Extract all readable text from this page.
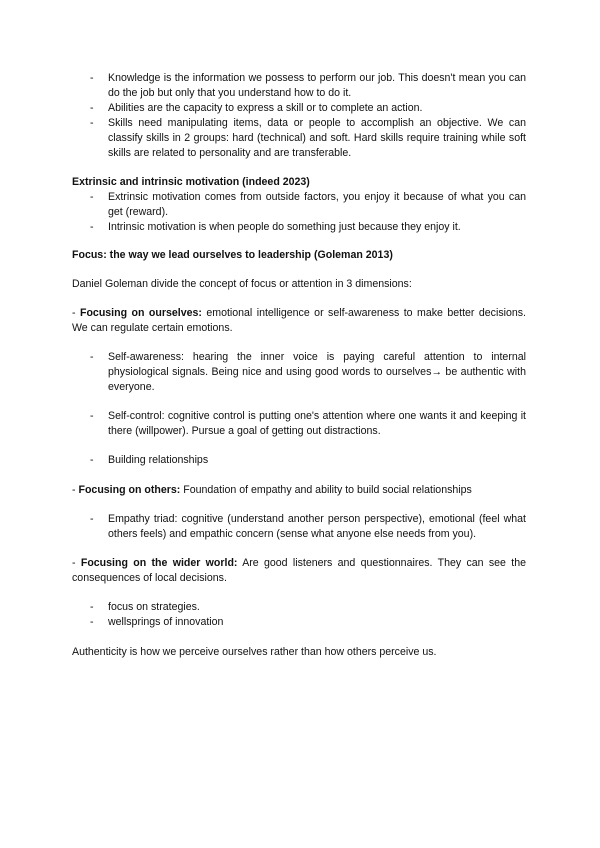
- Knowledge is the information we possess to perform our job. This doesn't mean you can do the job but only that you understand how to do it.
- Abilities are the capacity to express a skill or to complete an action.
- Skills need manipulating items, data or people to accomplish an objective. We can classify skills in 2 groups: hard (technical) and soft. Hard skills require training while soft skills are related to personality and are transferable.
Extrinsic and intrinsic motivation (indeed 2023)
- Extrinsic motivation comes from outside factors, you enjoy it because of what you can get (reward).
- Intrinsic motivation is when people do something just because they enjoy it.
Focus: the way we lead ourselves to leadership (Goleman 2013)
Daniel Goleman divide the concept of focus or attention in 3 dimensions:
- Focusing on ourselves: emotional intelligence or self-awareness to make better decisions. We can regulate certain emotions.
- Self-awareness: hearing the inner voice is paying careful attention to internal physiological signals. Being nice and using good words to ourselves→ be authentic with everyone.
- Self-control: cognitive control is putting one's attention where one wants it and keeping it there (willpower). Pursue a goal of getting out distractions.
- Building relationships
- Focusing on others: Foundation of empathy and ability to build social relationships
- Empathy triad: cognitive (understand another person perspective), emotional (feel what others feels) and empathic concern (sense what anyone else needs from you).
- Focusing on the wider world: Are good listeners and questionnaires. They can see the consequences of local decisions.
- focus on strategies.
- wellsprings of innovation
Authenticity is how we perceive ourselves rather than how others perceive us.
